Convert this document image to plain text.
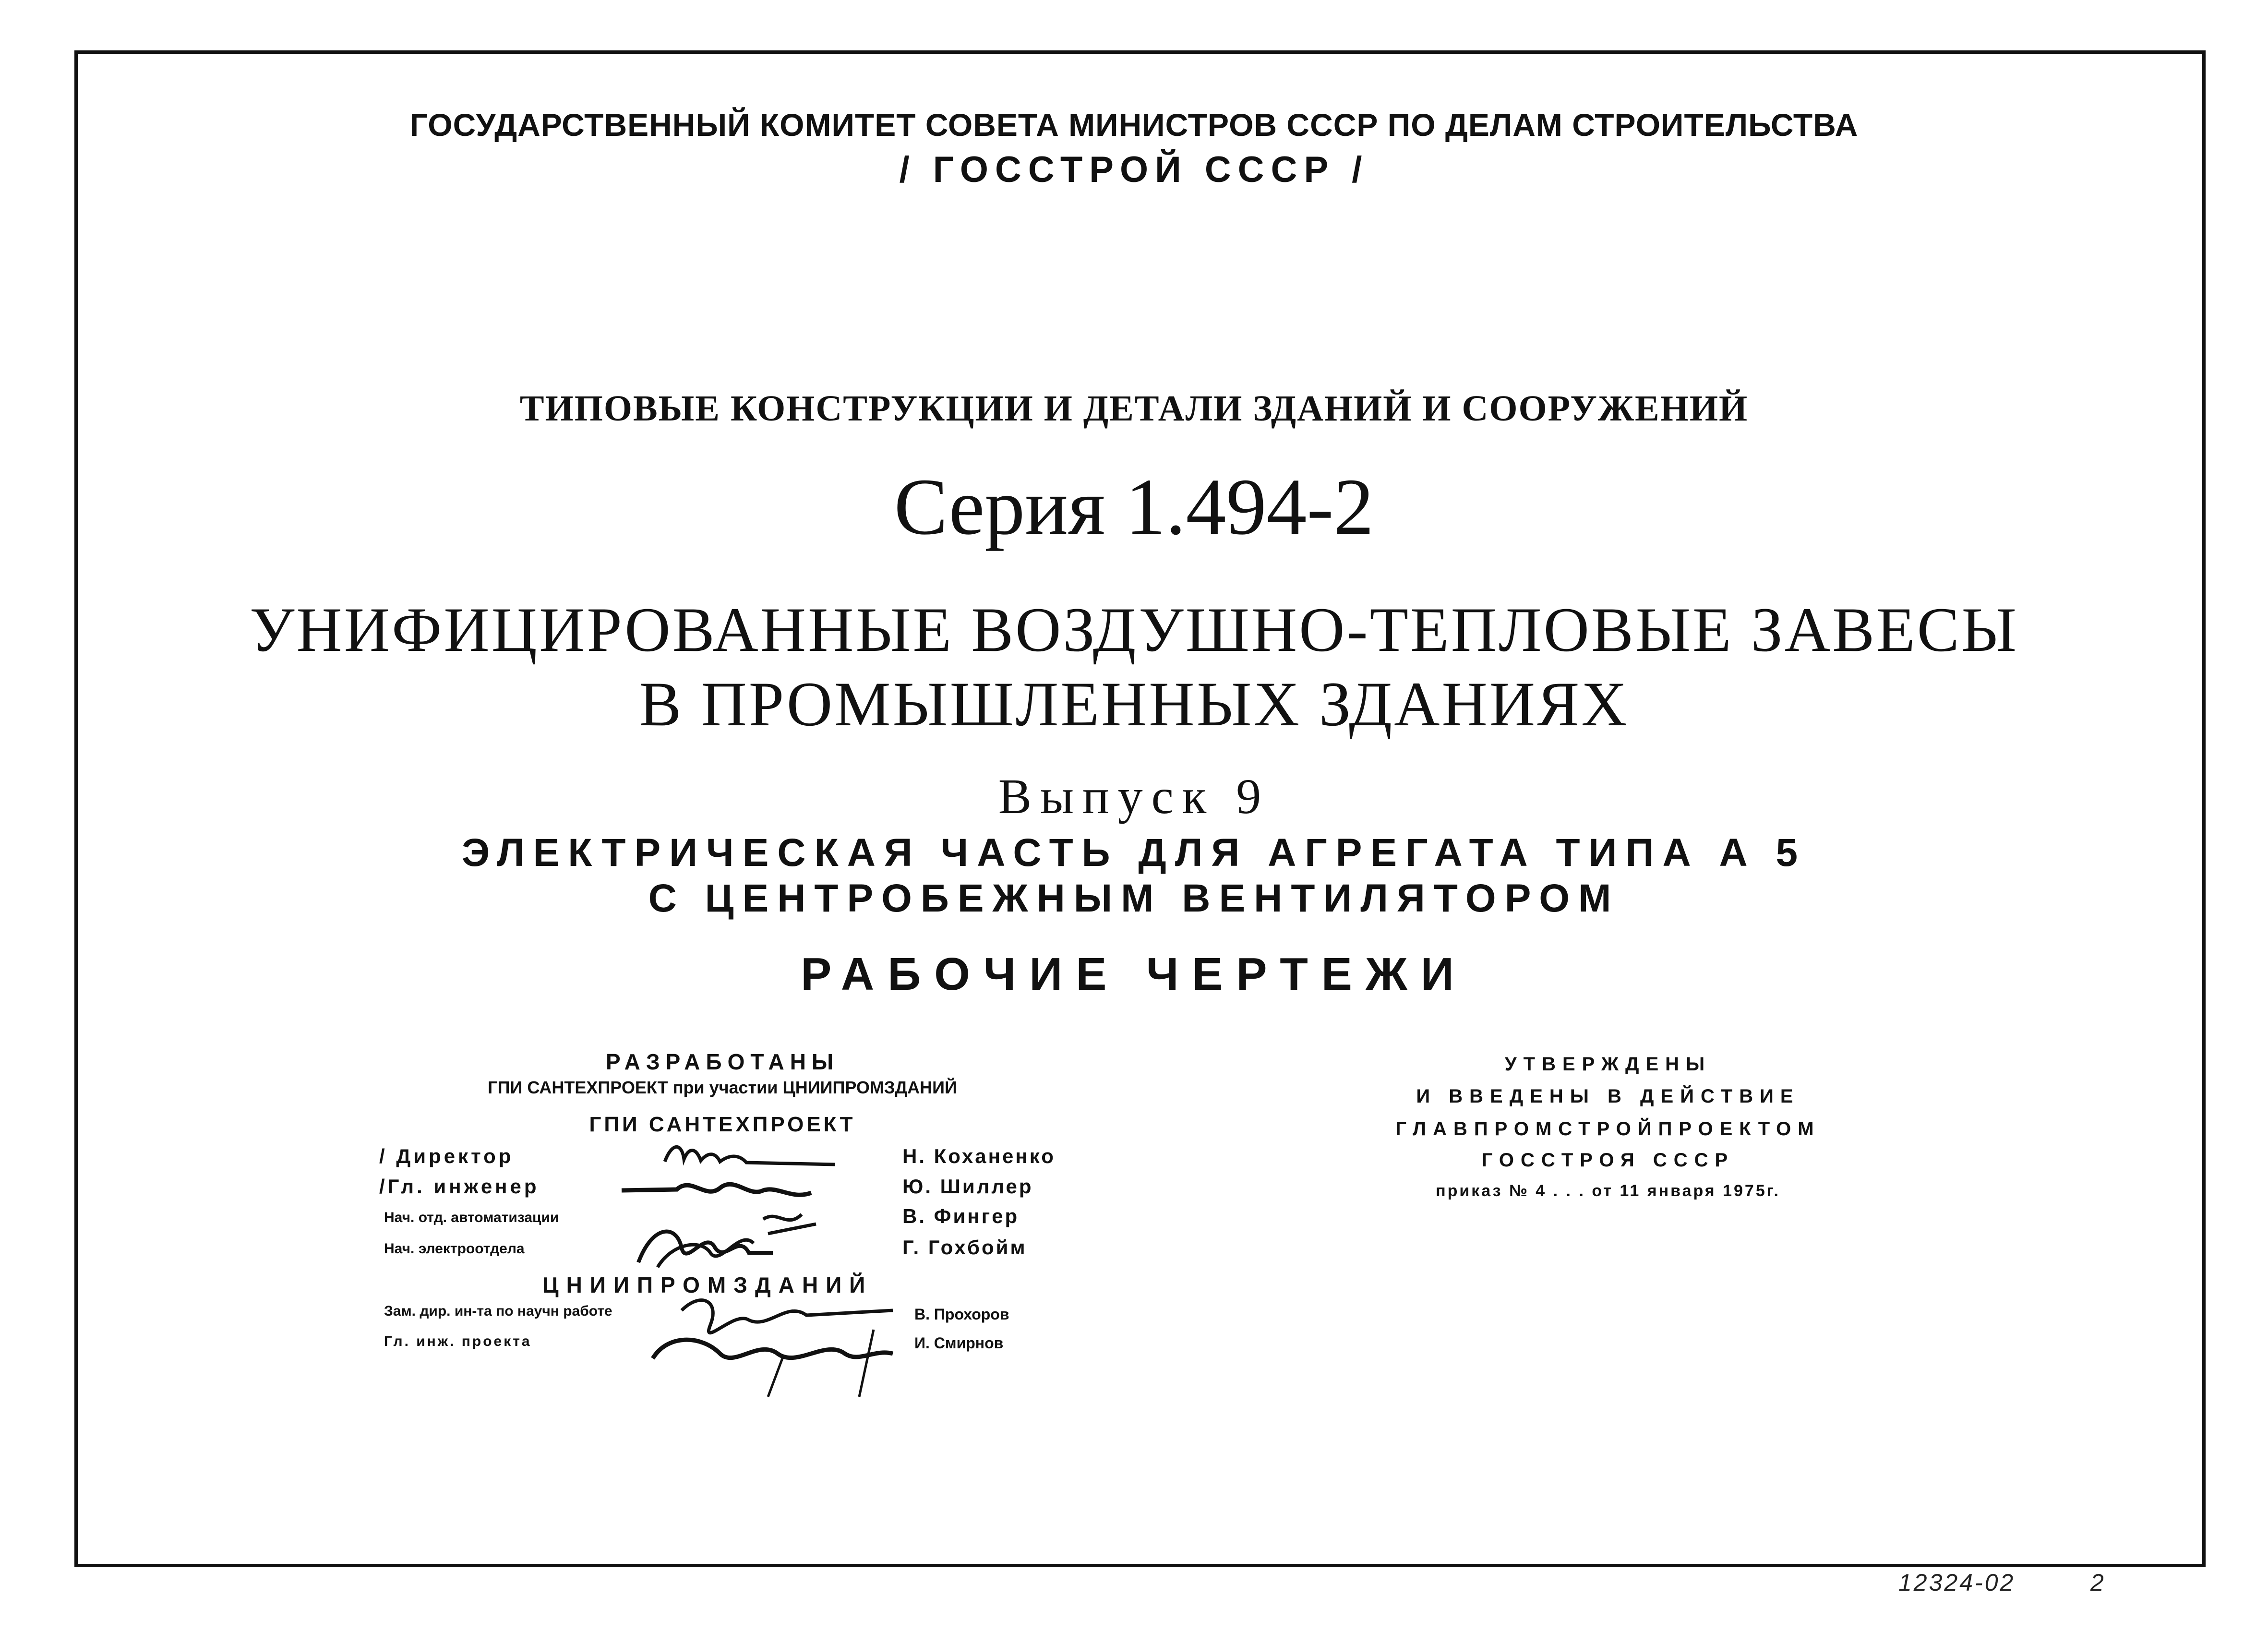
ГОСУДАРСТВЕННЫЙ КОМИТЕТ СОВЕТА МИНИСТРОВ СССР ПО ДЕЛАМ СТРОИТЕЛЬСТВА
/ ГОССТРОЙ СССР /
ТИПОВЫЕ КОНСТРУКЦИИ И ДЕТАЛИ ЗДАНИЙ И СООРУЖЕНИЙ
Серия 1.494-2
УНИФИЦИРОВАННЫЕ ВОЗДУШНО-ТЕПЛОВЫЕ ЗАВЕСЫ
В ПРОМЫШЛЕННЫХ ЗДАНИЯХ
Выпуск 9
ЭЛЕКТРИЧЕСКАЯ ЧАСТЬ ДЛЯ АГРЕГАТА ТИПА А 5
С ЦЕНТРОБЕЖНЫМ ВЕНТИЛЯТОРОМ
РАБОЧИЕ ЧЕРТЕЖИ
РАЗРАБОТАНЫ
ГПИ САНТЕХПРОЕКТ при участии ЦНИИПРОМЗДАНИЙ
ГПИ САНТЕХПРОЕКТ
/ Директор	Н. Коханенко
/Гл. инженер	Ю. Шиллер
Нач. отд. автоматизации	В. Фингер
Нач. электроотдела	Г. Гохбойм
ЦНИИПРОМЗДАНИЙ
Зам. дир. ин-та по научн работе	В. Прохоров
Гл. инж. проекта	И. Смирнов
УТВЕРЖДЕНЫ
И ВВЕДЕНЫ В ДЕЙСТВИЕ
ГЛАВПРОМСТРОЙПРОЕКТОМ
ГОССТРОЯ СССР
приказ № 4 . . . от 11 января 1975г.
12324-02	2
